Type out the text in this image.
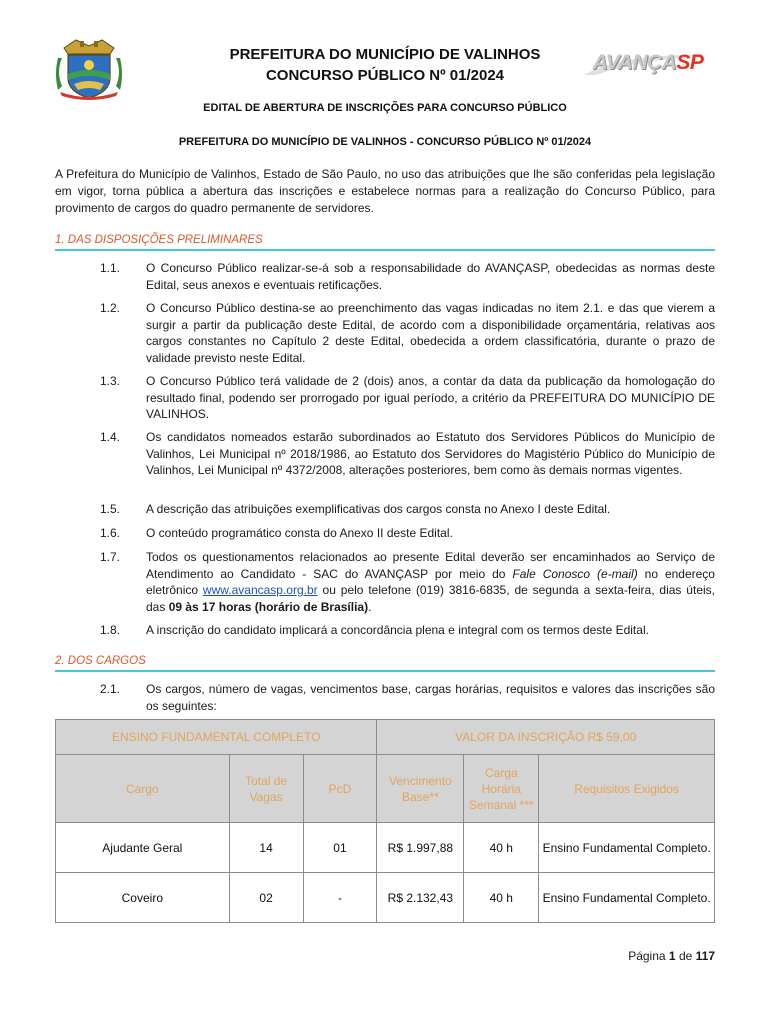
PREFEITURA DO MUNICÍPIO DE VALINHOS
CONCURSO PÚBLICO Nº 01/2024
AVANÇASP
EDITAL DE ABERTURA DE INSCRIÇÕES PARA CONCURSO PÚBLICO
PREFEITURA DO MUNICÍPIO DE VALINHOS - CONCURSO PÚBLICO Nº 01/2024
A Prefeitura do Município de Valinhos, Estado de São Paulo, no uso das atribuições que lhe são conferidas pela legislação em vigor, torna pública a abertura das inscrições e estabelece normas para a realização do Concurso Público, para provimento de cargos do quadro permanente de servidores.
1. DAS DISPOSIÇÕES PRELIMINARES
1.1. O Concurso Público realizar-se-á sob a responsabilidade do AVANÇASP, obedecidas as normas deste Edital, seus anexos e eventuais retificações.
1.2. O Concurso Público destina-se ao preenchimento das vagas indicadas no item 2.1. e das que vierem a surgir a partir da publicação deste Edital, de acordo com a disponibilidade orçamentária, relativas aos cargos constantes no Capítulo 2 deste Edital, obedecida a ordem classificatória, durante o prazo de validade previsto neste Edital.
1.3. O Concurso Público terá validade de 2 (dois) anos, a contar da data da publicação da homologação do resultado final, podendo ser prorrogado por igual período, a critério da PREFEITURA DO MUNICÍPIO DE VALINHOS.
1.4. Os candidatos nomeados estarão subordinados ao Estatuto dos Servidores Públicos do Município de Valinhos, Lei Municipal nº 2018/1986, ao Estatuto dos Servidores do Magistério Público do Município de Valinhos, Lei Municipal nº 4372/2008, alterações posteriores, bem como às demais normas vigentes.
1.5. A descrição das atribuições exemplificativas dos cargos consta no Anexo I deste Edital.
1.6. O conteúdo programático consta do Anexo II deste Edital.
1.7. Todos os questionamentos relacionados ao presente Edital deverão ser encaminhados ao Serviço de Atendimento ao Candidato - SAC do AVANÇASP por meio do Fale Conosco (e-mail) no endereço eletrônico www.avancasp.org.br ou pelo telefone (019) 3816-6835, de segunda a sexta-feira, dias úteis, das 09 às 17 horas (horário de Brasília).
1.8. A inscrição do candidato implicará a concordância plena e integral com os termos deste Edital.
2. DOS CARGOS
2.1. Os cargos, número de vagas, vencimentos base, cargas horárias, requisitos e valores das inscrições são os seguintes:
ENSINO FUNDAMENTAL COMPLETO			VALOR DA INSCRIÇÃO R$ 59,00		
Cargo	Total de Vagas	PcD	Vencimento Base**	Carga Horária Semanal ***	Requisitos Exigidos
Ajudante Geral	14	01	R$ 1.997,88	40 h	Ensino Fundamental Completo.
Coveiro	02	-	R$ 2.132,43	40 h	Ensino Fundamental Completo.
Página 1 de 117
